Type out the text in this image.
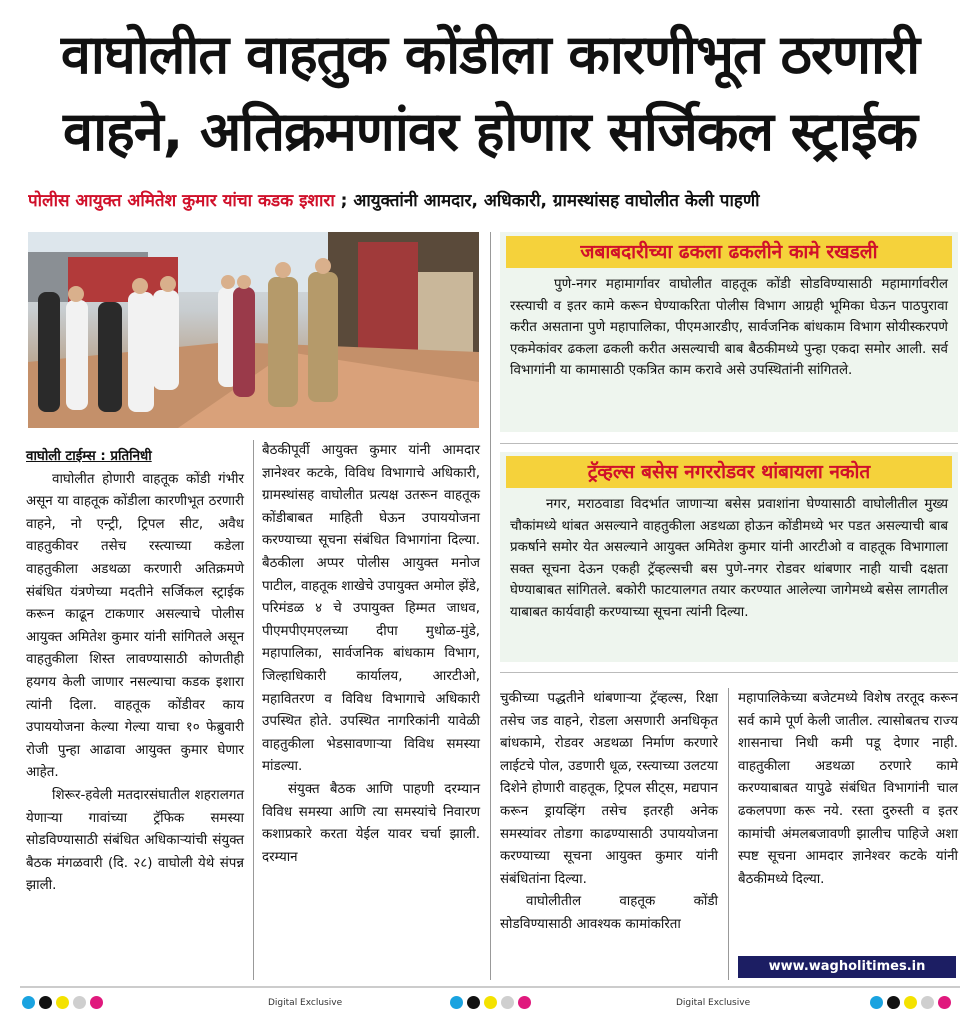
वाघोलीत वाहतुक कोंडीला कारणीभूत ठरणारी
वाहने, अतिक्रमणांवर होणार सर्जिकल स्ट्राईक
पोलीस आयुक्त अमितेश कुमार यांचा कडक इशारा ; आयुक्तांनी आमदार, अधिकारी, ग्रामस्थांसह वाघोलीत केली पाहणी

वाघोली टाईम्स : प्रतिनिधी

वाघोलीत होणारी वाहतूक कोंडी गंभीर असून या वाहतूक कोंडीला कारणीभूत ठरणारी वाहने, नो एन्ट्री, ट्रिपल सीट, अवैध वाहतुकीवर तसेच रस्त्याच्या कडेला वाहतुकीला अडथळा करणारी अतिक्रमणे संबंधित यंत्रणेच्या मदतीने सर्जिकल स्ट्राईक करून काढून टाकणार असल्याचे पोलीस आयुक्त अमितेश कुमार यांनी सांगितले असून वाहतुकीला शिस्त लावण्यासाठी कोणतीही हयगय केली जाणार नसल्याचा कडक इशारा त्यांनी दिला. वाहतूक कोंडीवर काय उपाययोजना केल्या गेल्या याचा १० फेब्रुवारी रोजी पुन्हा आढावा आयुक्त कुमार घेणार आहेत.

शिरूर-हवेली मतदारसंघातील शहरालगत येणाऱ्या गावांच्या ट्रॅफिक समस्या सोडविण्यासाठी संबंधित अधिकाऱ्यांची संयुक्त बैठक मंगळवारी (दि. २८) वाघोली येथे संपन्न झाली.

बैठकीपूर्वी आयुक्त कुमार यांनी आमदार ज्ञानेश्वर कटके, विविध विभागाचे अधिकारी, ग्रामस्थांसह वाघोलीत प्रत्यक्ष उतरून वाहतूक कोंडीबाबत माहिती घेऊन उपाययोजना करण्याच्या सूचना संबंधित विभागांना दिल्या. बैठकीला अप्पर पोलीस आयुक्त मनोज पाटील, वाहतूक शाखेचे उपायुक्त अमोल झेंडे, परिमंडळ ४ चे उपायुक्त हिम्मत जाधव, पीएमपीएमएलच्या दीपा मुधोळ-मुंडे, महापालिका, सार्वजनिक बांधकाम विभाग, जिल्हाधिकारी कार्यालय, आरटीओ, महावितरण व विविध विभागाचे अधिकारी उपस्थित होते. उपस्थित नागरिकांनी यावेळी वाहतुकीला भेडसावणाऱ्या विविध समस्या मांडल्या.

संयुक्त बैठक आणि पाहणी दरम्यान विविध समस्या आणि त्या समस्यांचे निवारण कशाप्रकारे करता येईल यावर चर्चा झाली. दरम्यान

जबाबदारीच्या ढकला ढकलीने कामे रखडली
पुणे-नगर महामार्गावर वाघोलीत वाहतूक कोंडी सोडविण्यासाठी महामार्गावरील रस्त्याची व इतर कामे करून घेण्याकरिता पोलीस विभाग आग्रही भूमिका घेऊन पाठपुरावा करीत असताना पुणे महापालिका, पीएमआरडीए, सार्वजनिक बांधकाम विभाग सोयीस्करपणे एकमेकांवर ढकला ढकली करीत असल्याची बाब बैठकीमध्ये पुन्हा एकदा समोर आली. सर्व विभागांनी या कामासाठी एकत्रित काम करावे असे उपस्थितांनी सांगितले.
ट्रॅव्हल्स बसेस नगररोडवर थांबायला नकोत
नगर, मराठवाडा विदर्भात जाणाऱ्या बसेस प्रवाशांना घेण्यासाठी वाघोलीतील मुख्य चौकांमध्ये थांबत असल्याने वाहतुकीला अडथळा होऊन कोंडीमध्ये भर पडत असल्याची बाब प्रकर्षाने समोर येत असल्याने आयुक्त अमितेश कुमार यांनी आरटीओ व वाहतूक विभागाला सक्त सूचना देऊन एकही ट्रॅव्हल्सची बस पुणे-नगर रोडवर थांबणार नाही याची दक्षता घेण्याबाबत सांगितले. बकोरी फाटयालगत तयार करण्यात आलेल्या जागेमध्ये बसेस लागतील याबाबत कार्यवाही करण्याच्या सूचना त्यांनी दिल्या.

चुकीच्या पद्धतीने थांबणाऱ्या ट्रॅव्हल्स, रिक्षा तसेच जड वाहने, रोडला असणारी अनधिकृत बांधकामे, रोडवर अडथळा निर्माण करणारे लाईटचे पोल, उडणारी धूळ, रस्त्याच्या उलटया दिशेने होणारी वाहतूक, ट्रिपल सीट्स, मद्यपान करून ड्रायव्हिंग तसेच इतरही अनेक समस्यांवर तोडगा काढण्यासाठी उपाययोजना करण्याच्या सूचना आयुक्त कुमार यांनी संबंधितांना दिल्या.

वाघोलीतील वाहतूक कोंडी सोडविण्यासाठी आवश्यक कामांकरिता

महापालिकेच्या बजेटमध्ये विशेष तरतूद करून सर्व कामे पूर्ण केली जातील. त्यासोबतच राज्य शासनाचा निधी कमी पडू देणार नाही. वाहतुकीला अडथळा ठरणारे कामे करण्याबाबत यापुढे संबंधित विभागांनी चाल ढकलपणा करू नये. रस्ता दुरुस्ती व इतर कामांची अंमलबजावणी झालीच पाहिजे अशा स्पष्ट सूचना आमदार ज्ञानेश्वर कटके यांनी बैठकीमध्ये दिल्या.

www.wagholitimes.in
Digital Exclusive	Digital Exclusive
